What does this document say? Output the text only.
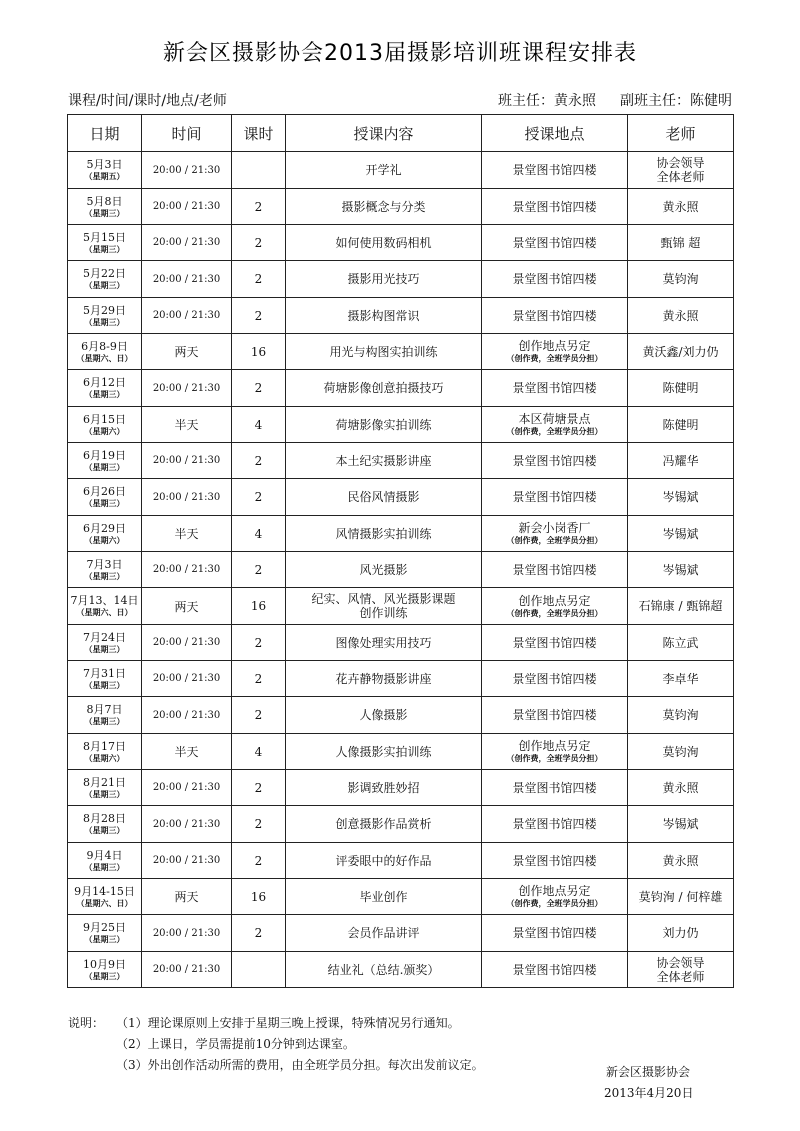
新会区摄影协会2013届摄影培训班课程安排表
课程/时间/课时/地点/老师	班主任：黄永照 副班主任：陈健明
日期	时间	课时	授课内容	授课地点	老师

5月3日
（星期五）	20:00 / 21:30		开学礼	景堂图书馆四楼	协会领导
全体老师

5月8日
（星期三）	20:00 / 21:30	2	摄影概念与分类	景堂图书馆四楼	黄永照

5月15日
（星期三）	20:00 / 21:30	2	如何使用数码相机	景堂图书馆四楼	甄锦 超

5月22日
（星期三）	20:00 / 21:30	2	摄影用光技巧	景堂图书馆四楼	莫钧洵

5月29日
（星期三）	20:00 / 21:30	2	摄影构图常识	景堂图书馆四楼	黄永照

6月8-9日
（星期六、日）	两天	16	用光与构图实拍训练	创作地点另定
（创作费，全班学员分担）	黄沃鑫/刘力仍

6月12日
（星期三）	20:00 / 21:30	2	荷塘影像创意拍摄技巧	景堂图书馆四楼	陈健明

6月15日
（星期六）	半天	4	荷塘影像实拍训练	本区荷塘景点
（创作费，全班学员分担）	陈健明

6月19日
（星期三）	20:00 / 21:30	2	本土纪实摄影讲座	景堂图书馆四楼	冯耀华

6月26日
（星期三）	20:00 / 21:30	2	民俗风情摄影	景堂图书馆四楼	岑锡斌

6月29日
（星期六）	半天	4	风情摄影实拍训练	新会小岗香厂
（创作费，全班学员分担）	岑锡斌

7月3日
（星期三）	20:00 / 21:30	2	风光摄影	景堂图书馆四楼	岑锡斌

7月13、14日
（星期六、日）	两天	16	纪实、风情、风光摄影课题
创作训练	创作地点另定
（创作费，全班学员分担）	石锦康 / 甄锦超

7月24日
（星期三）	20:00 / 21:30	2	图像处理实用技巧	景堂图书馆四楼	陈立武

7月31日
（星期三）	20:00 / 21:30	2	花卉静物摄影讲座	景堂图书馆四楼	李卓华

8月7日
（星期三）	20:00 / 21:30	2	人像摄影	景堂图书馆四楼	莫钧洵

8月17日
（星期六）	半天	4	人像摄影实拍训练	创作地点另定
（创作费，全班学员分担）	莫钧洵

8月21日
（星期三）	20:00 / 21:30	2	影调致胜妙招	景堂图书馆四楼	黄永照

8月28日
（星期三）	20:00 / 21:30	2	创意摄影作品赏析	景堂图书馆四楼	岑锡斌

9月4日
（星期三）	20:00 / 21:30	2	评委眼中的好作品	景堂图书馆四楼	黄永照

9月14-15日
（星期六、日）	两天	16	毕业创作	创作地点另定
（创作费，全班学员分担）	莫钧洵 / 何梓雄

9月25日
（星期三）	20:00 / 21:30	2	会员作品讲评	景堂图书馆四楼	刘力仍

10月9日
（星期三）	20:00 / 21:30		结业礼（总结.颁奖）	景堂图书馆四楼	协会领导
全体老师
说明： （1）理论课原则上安排于星期三晚上授课，特殊情况另行通知。
（2）上课日，学员需提前10分钟到达课室。
（3）外出创作活动所需的费用，由全班学员分担。每次出发前议定。	新会区摄影协会
2013年4月20日
